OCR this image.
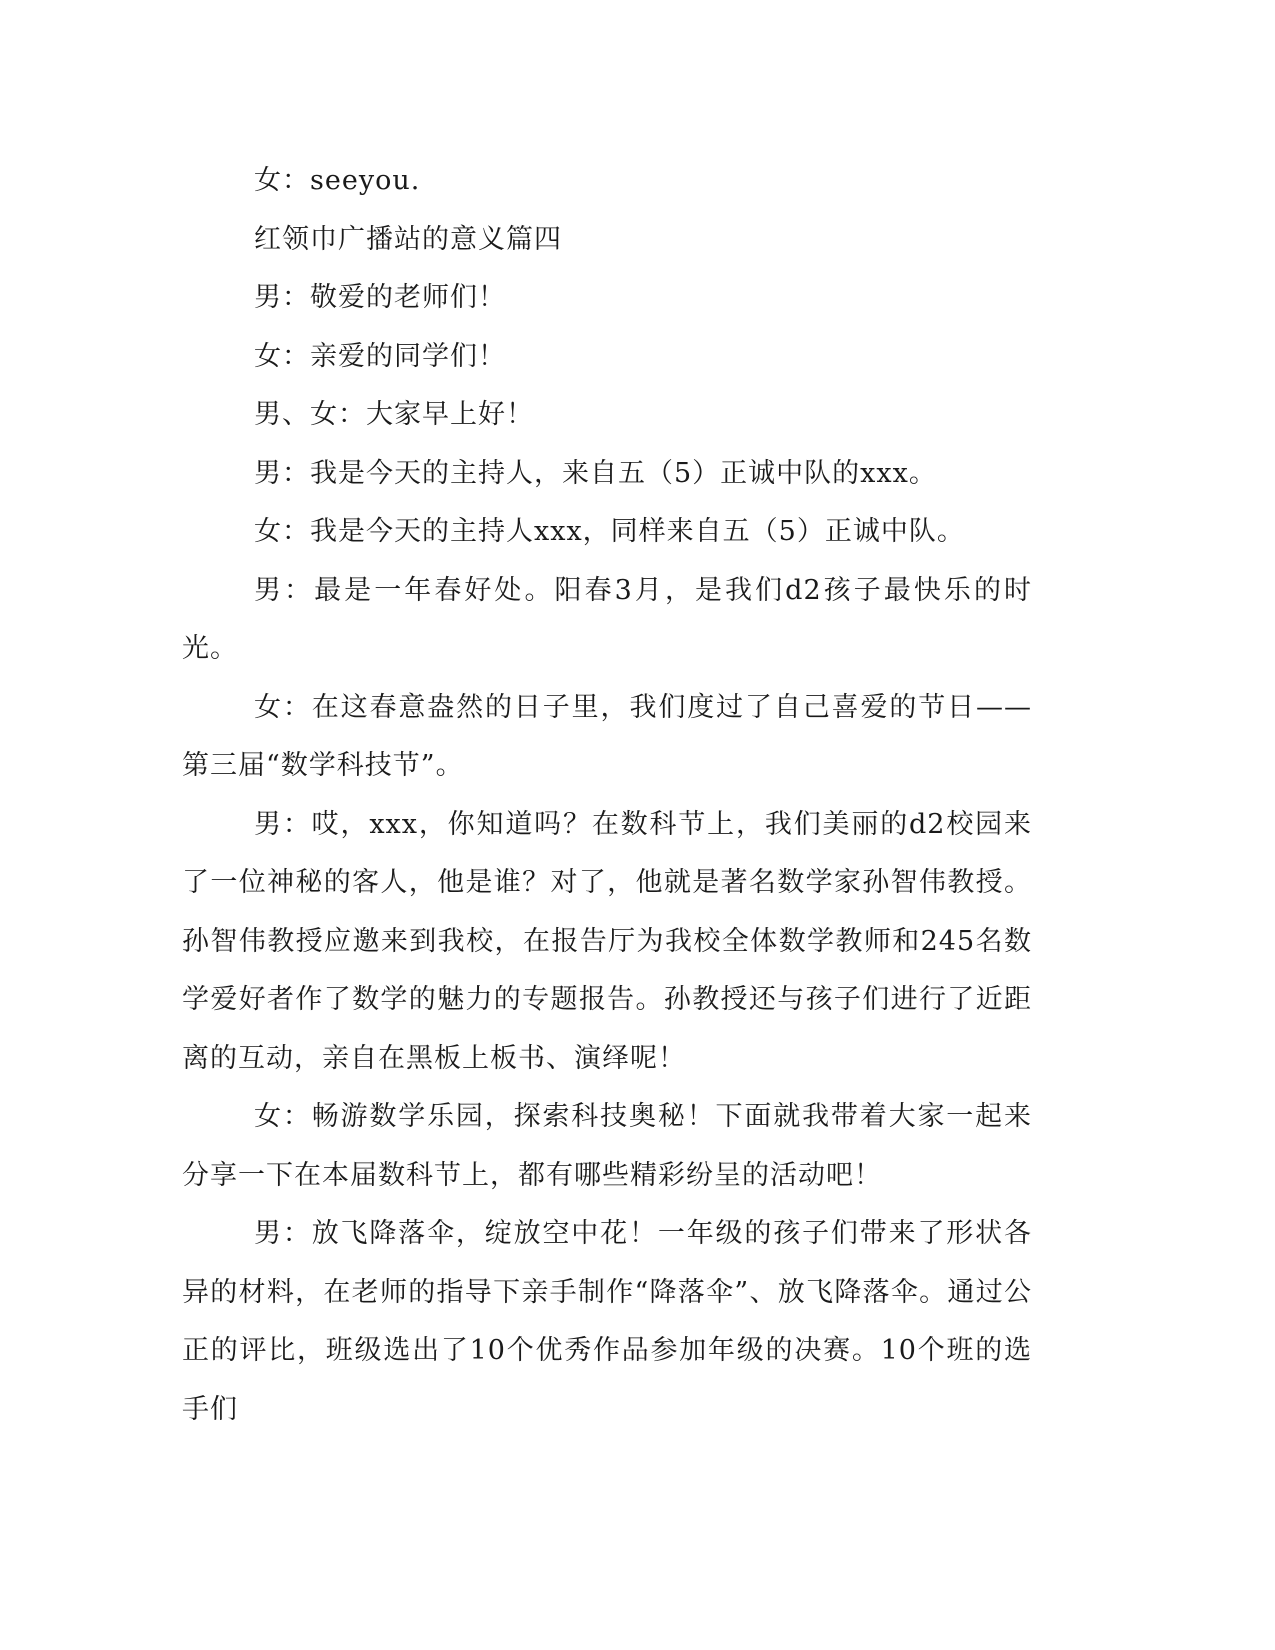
女：seeyou.

红领巾广播站的意义篇四

男：敬爱的老师们！

女：亲爱的同学们！

男、女：大家早上好！

男：我是今天的主持人，来自五（5）正诚中队的xxx。

女：我是今天的主持人xxx，同样来自五（5）正诚中队。

男：最是一年春好处。阳春3月，是我们d2孩子最快乐的时光。

女：在这春意盎然的日子里，我们度过了自己喜爱的节日——第三届“数学科技节”。

男：哎，xxx，你知道吗？在数科节上，我们美丽的d2校园来了一位神秘的客人，他是谁？对了，他就是著名数学家孙智伟教授。孙智伟教授应邀来到我校，在报告厅为我校全体数学教师和245名数学爱好者作了数学的魅力的专题报告。孙教授还与孩子们进行了近距离的互动，亲自在黑板上板书、演绎呢！

女：畅游数学乐园，探索科技奥秘！下面就我带着大家一起来分享一下在本届数科节上，都有哪些精彩纷呈的活动吧！

男：放飞降落伞，绽放空中花！一年级的孩子们带来了形状各异的材料，在老师的指导下亲手制作“降落伞”、放飞降落伞。通过公正的评比，班级选出了10个优秀作品参加年级的决赛。10个班的选手们
